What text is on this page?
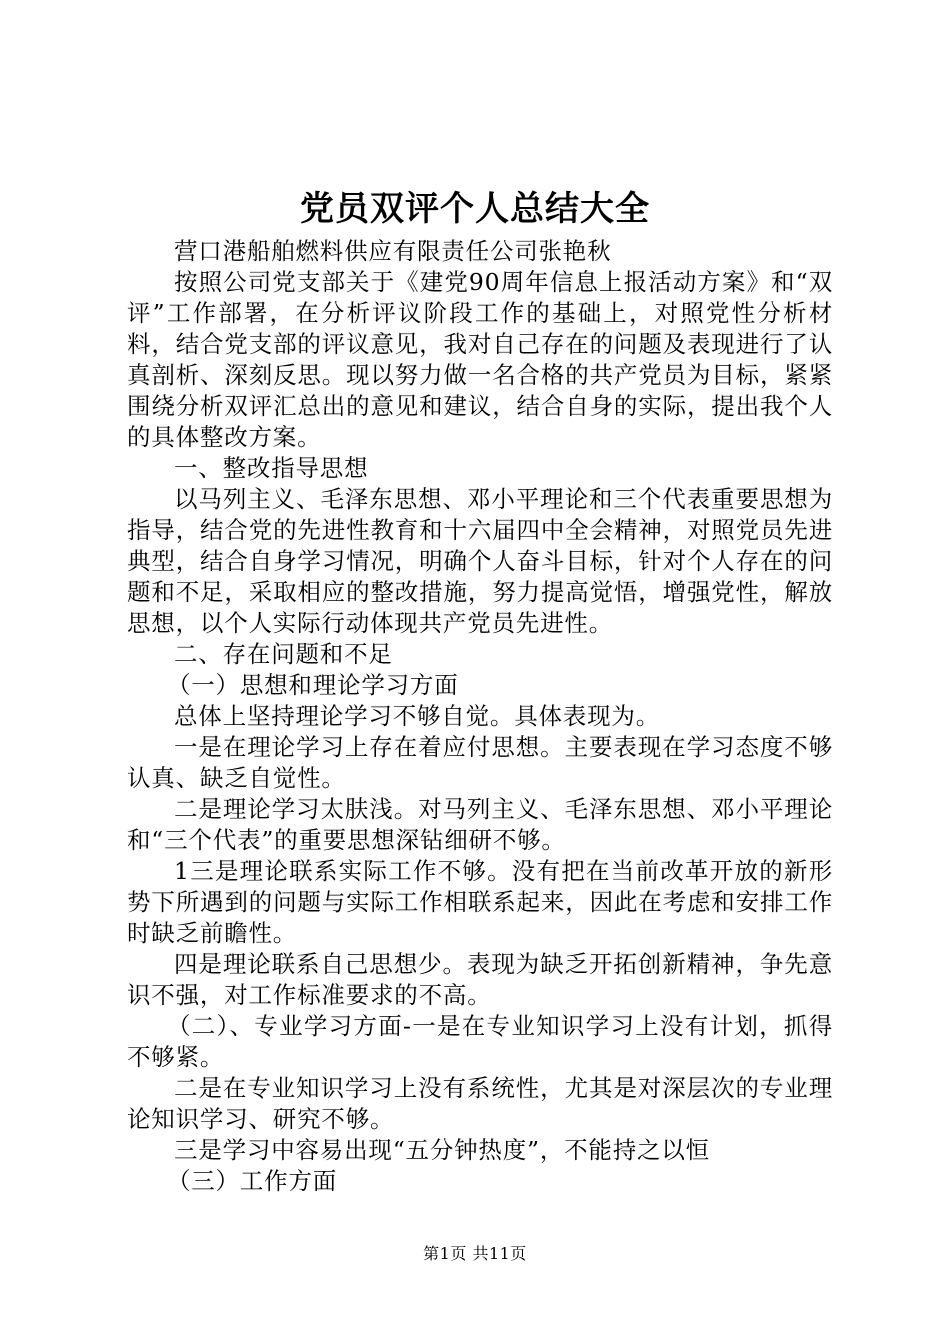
党员双评个人总结大全

营口港船舶燃料供应有限责任公司张艳秋

按照公司党支部关于《建党90周年信息上报活动方案》和“双评”工作部署，在分析评议阶段工作的基础上，对照党性分析材料，结合党支部的评议意见，我对自己存在的问题及表现进行了认真剖析、深刻反思。现以努力做一名合格的共产党员为目标，紧紧围绕分析双评汇总出的意见和建议，结合自身的实际，提出我个人的具体整改方案。

一、整改指导思想

以马列主义、毛泽东思想、邓小平理论和三个代表重要思想为指导，结合党的先进性教育和十六届四中全会精神，对照党员先进典型，结合自身学习情况，明确个人奋斗目标，针对个人存在的问题和不足，采取相应的整改措施，努力提高觉悟，增强党性，解放思想，以个人实际行动体现共产党员先进性。

二、存在问题和不足

（一）思想和理论学习方面

总体上坚持理论学习不够自觉。具体表现为。

一是在理论学习上存在着应付思想。主要表现在学习态度不够认真、缺乏自觉性。

二是理论学习太肤浅。对马列主义、毛泽东思想、邓小平理论和“三个代表”的重要思想深钻细研不够。

1三是理论联系实际工作不够。没有把在当前改革开放的新形势下所遇到的问题与实际工作相联系起来，因此在考虑和安排工作时缺乏前瞻性。

四是理论联系自己思想少。表现为缺乏开拓创新精神，争先意识不强，对工作标准要求的不高。

（二）、专业学习方面-一是在专业知识学习上没有计划，抓得不够紧。

二是在专业知识学习上没有系统性，尤其是对深层次的专业理论知识学习、研究不够。

三是学习中容易出现“五分钟热度”，不能持之以恒

（三）工作方面

第1页 共11页
